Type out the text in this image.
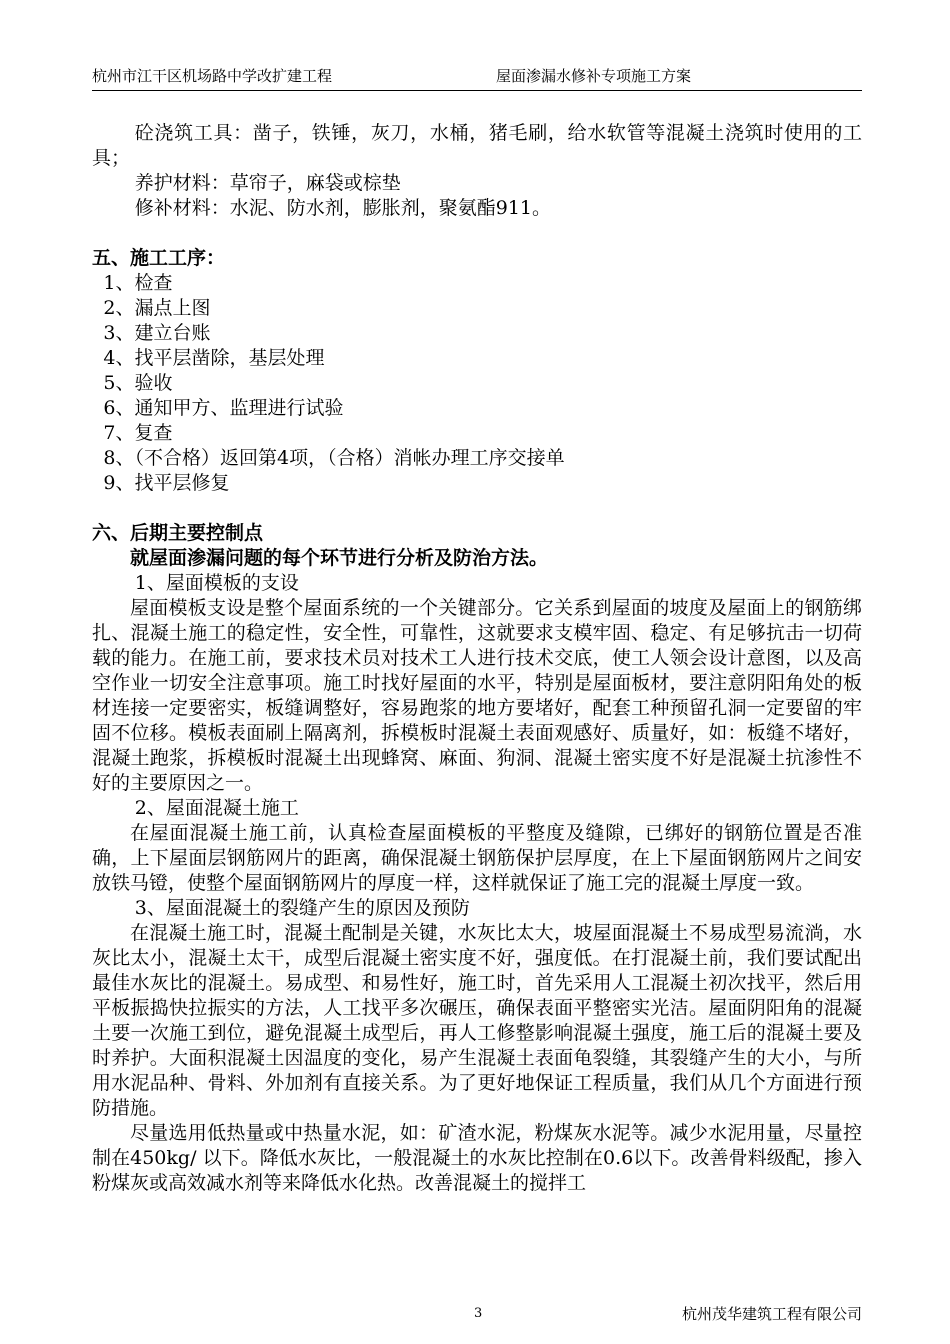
杭州市江干区机场路中学改扩建工程	屋面渗漏水修补专项施工方案

砼浇筑工具：凿子，铁锤，灰刀，水桶，猪毛刷，给水软管等混凝土浇筑时使用的工具；

养护材料：草帘子，麻袋或棕垫

修补材料：水泥、防水剂，膨胀剂，聚氨酯911。

五、施工工序：

1、检查

2、漏点上图

3、建立台账

4、找平层凿除，基层处理

5、验收

6、通知甲方、监理进行试验

7、复查

8、（不合格）返回第4项，（合格）消帐办理工序交接单

9、找平层修复

六、后期主要控制点

就屋面渗漏问题的每个环节进行分析及防治方法。

1、屋面模板的支设

屋面模板支设是整个屋面系统的一个关键部分。它关系到屋面的坡度及屋面上的钢筋绑扎、混凝土施工的稳定性，安全性，可靠性，这就要求支模牢固、稳定、有足够抗击一切荷载的能力。在施工前，要求技术员对技术工人进行技术交底，使工人领会设计意图，以及高空作业一切安全注意事项。施工时找好屋面的水平，特别是屋面板材，要注意阴阳角处的板材连接一定要密实，板缝调整好，容易跑浆的地方要堵好，配套工种预留孔洞一定要留的牢固不位移。模板表面刷上隔离剂，拆模板时混凝土表面观感好、质量好，如：板缝不堵好，混凝土跑浆，拆模板时混凝土出现蜂窝、麻面、狗洞、混凝土密实度不好是混凝土抗渗性不好的主要原因之一。

2、屋面混凝土施工

在屋面混凝土施工前，认真检查屋面模板的平整度及缝隙，已绑好的钢筋位置是否准确，上下屋面层钢筋网片的距离，确保混凝土钢筋保护层厚度，在上下屋面钢筋网片之间安放铁马镫，使整个屋面钢筋网片的厚度一样，这样就保证了施工完的混凝土厚度一致。

3、屋面混凝土的裂缝产生的原因及预防

在混凝土施工时，混凝土配制是关键，水灰比太大，坡屋面混凝土不易成型易流淌，水灰比太小，混凝土太干，成型后混凝土密实度不好，强度低。在打混凝土前，我们要试配出最佳水灰比的混凝土。易成型、和易性好，施工时，首先采用人工混凝土初次找平，然后用平板振捣快拉振实的方法，人工找平多次碾压，确保表面平整密实光洁。屋面阴阳角的混凝土要一次施工到位，避免混凝土成型后，再人工修整影响混凝土强度，施工后的混凝土要及时养护。大面积混凝土因温度的变化，易产生混凝土表面龟裂缝，其裂缝产生的大小，与所用水泥品种、骨料、外加剂有直接关系。为了更好地保证工程质量，我们从几个方面进行预防措施。

尽量选用低热量或中热量水泥，如：矿渣水泥，粉煤灰水泥等。减少水泥用量，尽量控制在450kg/ 以下。降低水灰比，一般混凝土的水灰比控制在0.6以下。改善骨料级配，掺入粉煤灰或高效减水剂等来降低水化热。改善混凝土的搅拌工

3	杭州茂华建筑工程有限公司
